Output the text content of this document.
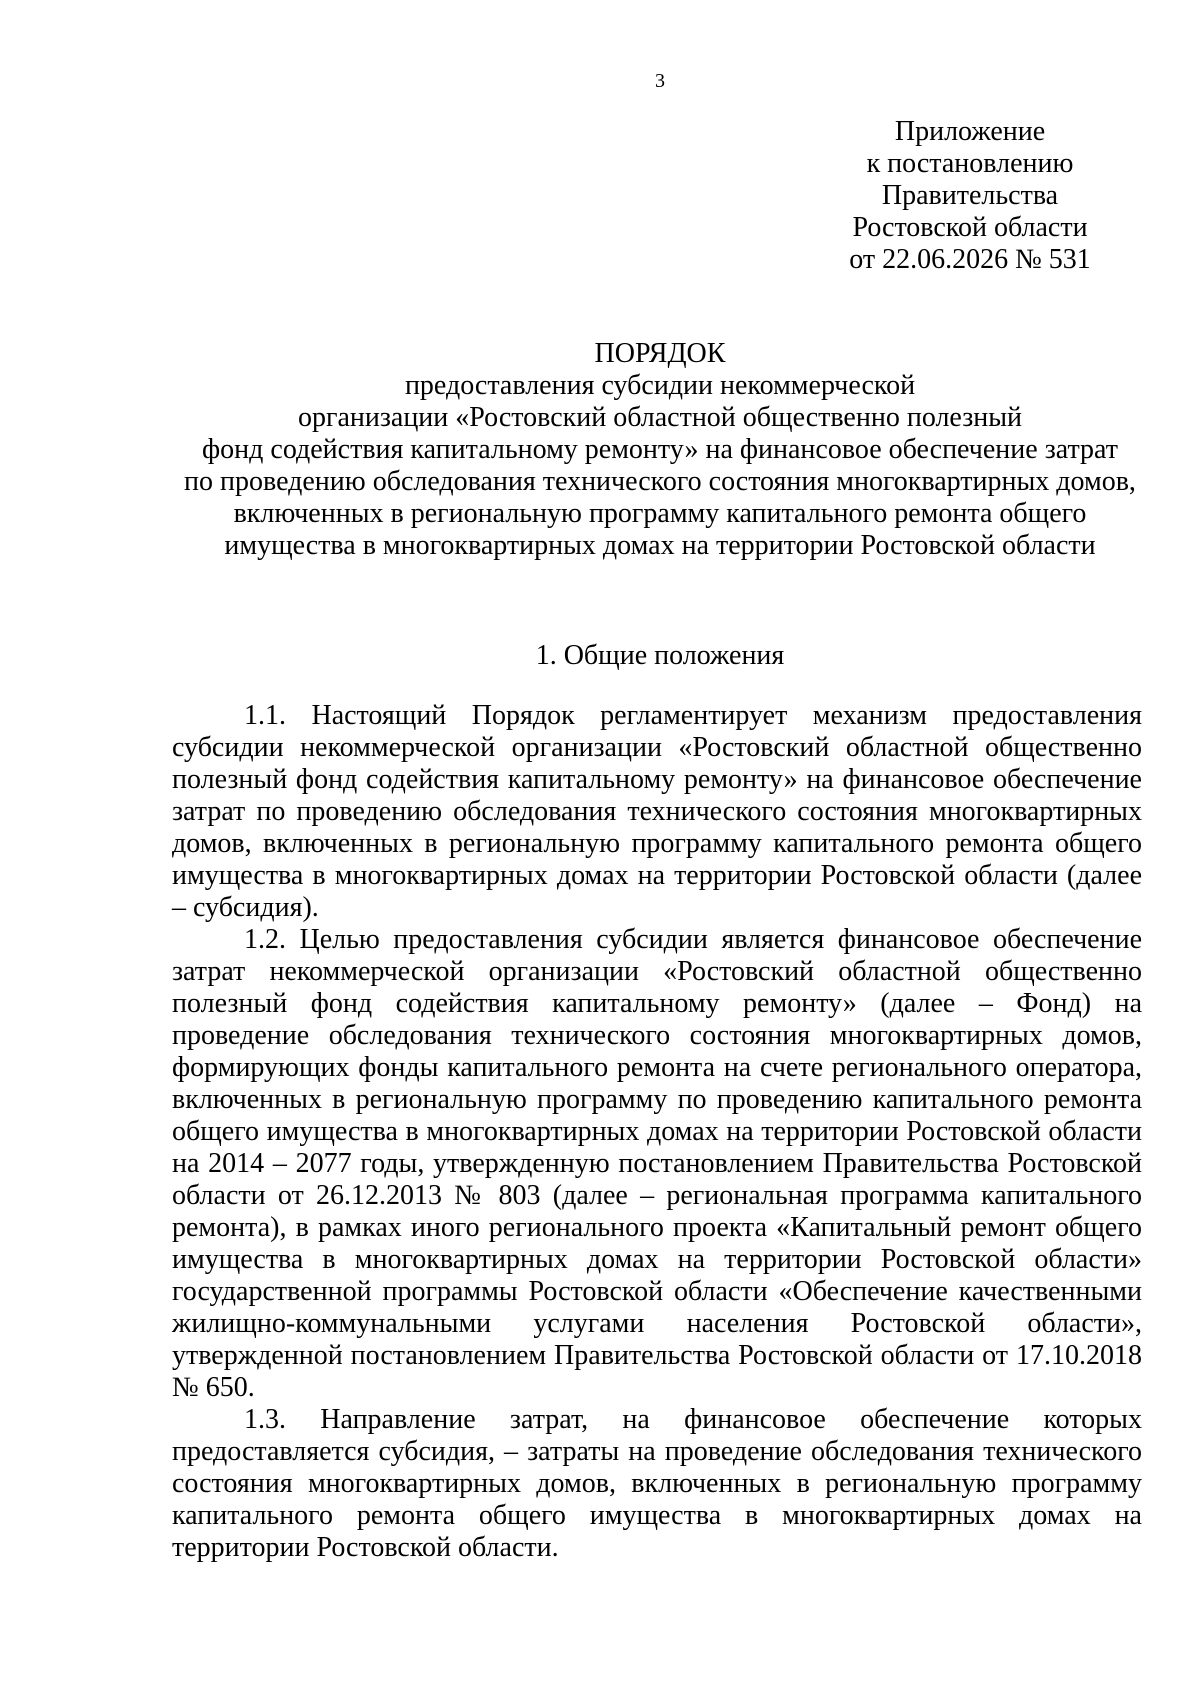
3
Приложение
к постановлению
Правительства
Ростовской области
от 22.06.2026 № 531
ПОРЯДОК
предоставления субсидии некоммерческой
организации «Ростовский областной общественно полезный
фонд содействия капитальному ремонту» на финансовое обеспечение затрат
по проведению обследования технического состояния многоквартирных домов,
включенных в региональную программу капитального ремонта общего
имущества в многоквартирных домах на территории Ростовской области
1. Общие положения

1.1. Настоящий Порядок регламентирует механизм предоставления субсидии некоммерческой организации «Ростовский областной общественно полезный фонд содействия капитальному ремонту» на финансовое обеспечение затрат по проведению обследования технического состояния многоквартирных домов, включенных в региональную программу капитального ремонта общего имущества в многоквартирных домах на территории Ростовской области (далее – субсидия).

1.2. Целью предоставления субсидии является финансовое обеспечение затрат некоммерческой организации «Ростовский областной общественно полезный фонд содействия капитальному ремонту» (далее – Фонд) на проведение обследования технического состояния многоквартирных домов, формирующих фонды капитального ремонта на счете регионального оператора, включенных в региональную программу по проведению капитального ремонта общего имущества в многоквартирных домах на территории Ростовской области на 2014 – 2077 годы, утвержденную постановлением Правительства Ростовской области от 26.12.2013 № 803 (далее – региональная программа капитального ремонта), в рамках иного регионального проекта «Капитальный ремонт общего имущества в многоквартирных домах на территории Ростовской области» государственной программы Ростовской области «Обеспечение качественными жилищно-коммунальными услугами населения Ростовской области», утвержденной постановлением Правительства Ростовской области от 17.10.2018 № 650.

1.3. Направление затрат, на финансовое обеспечение которых предоставляется субсидия, – затраты на проведение обследования технического состояния многоквартирных домов, включенных в региональную программу капитального ремонта общего имущества в многоквартирных домах на территории Ростовской области.
